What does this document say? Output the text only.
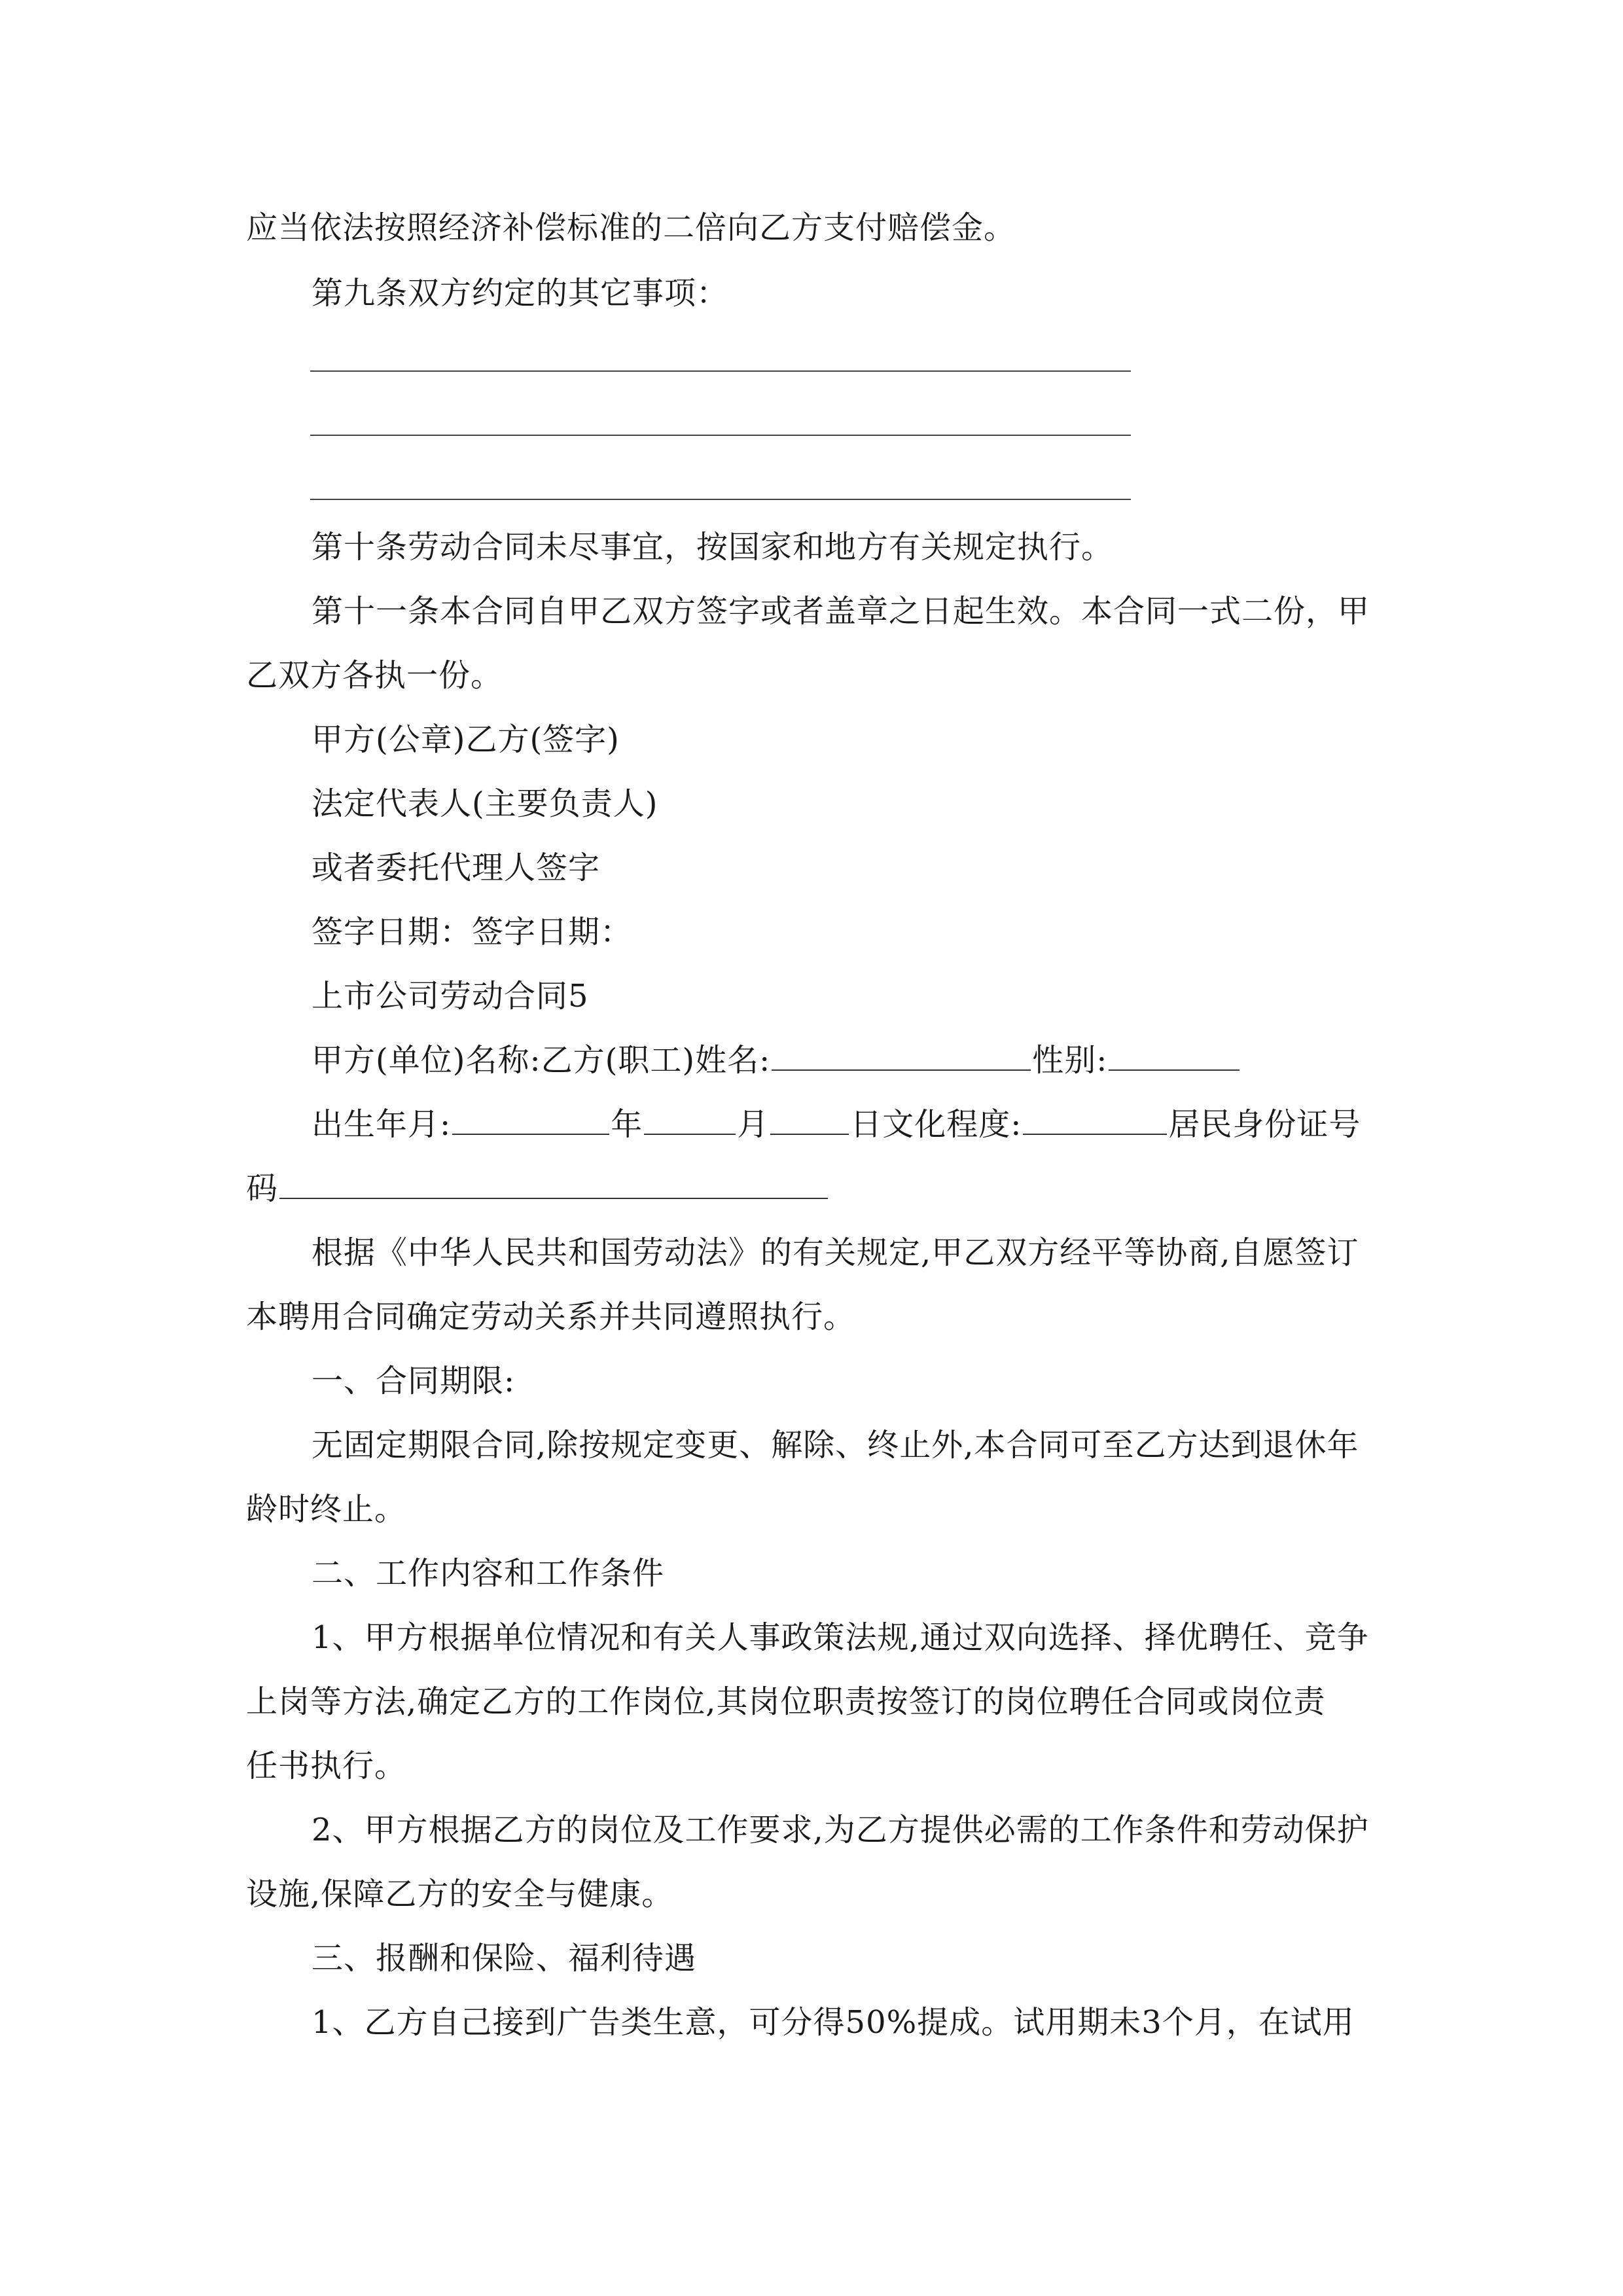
应当依法按照经济补偿标准的二倍向乙方支付赔偿金。
第九条双方约定的其它事项：
第十条劳动合同未尽事宜，按国家和地方有关规定执行。
第十一条本合同自甲乙双方签字或者盖章之日起生效。本合同一式二份，甲
乙双方各执一份。
甲方(公章)乙方(签字)
法定代表人(主要负责人)
或者委托代理人签字
签字日期：签字日期：
上市公司劳动合同5
甲方(单位)名称:乙方(职工)姓名:	性别:
出生年月:	年	月	日文化程度:	居民身份证号
码
根据《中华人民共和国劳动法》的有关规定,甲乙双方经平等协商,自愿签订
本聘用合同确定劳动关系并共同遵照执行。
一、合同期限:
无固定期限合同,除按规定变更、解除、终止外,本合同可至乙方达到退休年
龄时终止。
二、工作内容和工作条件
1、甲方根据单位情况和有关人事政策法规,通过双向选择、择优聘任、竞争
上岗等方法,确定乙方的工作岗位,其岗位职责按签订的岗位聘任合同或岗位责
任书执行。
2、甲方根据乙方的岗位及工作要求,为乙方提供必需的工作条件和劳动保护
设施,保障乙方的安全与健康。
三、报酬和保险、福利待遇
1、乙方自己接到广告类生意，可分得50%提成。试用期未3个月，在试用
